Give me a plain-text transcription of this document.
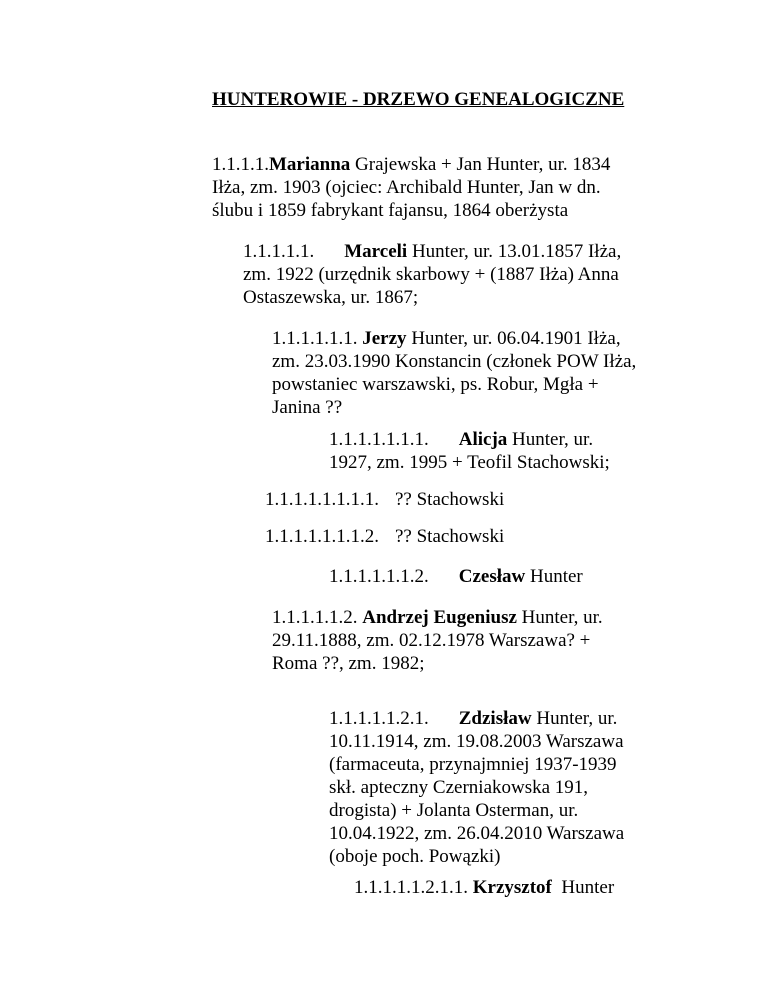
HUNTEROWIE - DRZEWO GENEALOGICZNE
1.1.1.1.Marianna Grajewska + Jan Hunter, ur. 1834
Iłża, zm. 1903 (ojciec: Archibald Hunter, Jan w dn.
ślubu i 1859 fabrykant fajansu, 1864 oberżysta
1.1.1.1.1. Marceli Hunter, ur. 13.01.1857 Iłża,
zm. 1922 (urzędnik skarbowy + (1887 Iłża) Anna
Ostaszewska, ur. 1867;
1.1.1.1.1.1. Jerzy Hunter, ur. 06.04.1901 Iłża,
zm. 23.03.1990 Konstancin (członek POW Iłża,
powstaniec warszawski, ps. Robur, Mgła +
Janina ??
1.1.1.1.1.1.1. Alicja Hunter, ur.
1927, zm. 1995 + Teofil Stachowski;
1.1.1.1.1.1.1.1. ?? Stachowski
1.1.1.1.1.1.1.2. ?? Stachowski
1.1.1.1.1.1.2. Czesław Hunter
1.1.1.1.1.2. Andrzej Eugeniusz Hunter, ur.
29.11.1888, zm. 02.12.1978 Warszawa? +
Roma ??, zm. 1982;
1.1.1.1.1.2.1. Zdzisław Hunter, ur.
10.11.1914, zm. 19.08.2003 Warszawa
(farmaceuta, przynajmniej 1937-1939
skł. apteczny Czerniakowska 191,
drogista) + Jolanta Osterman, ur.
10.04.1922, zm. 26.04.2010 Warszawa
(oboje poch. Powązki)
1.1.1.1.1.2.1.1. Krzysztof  Hunter
